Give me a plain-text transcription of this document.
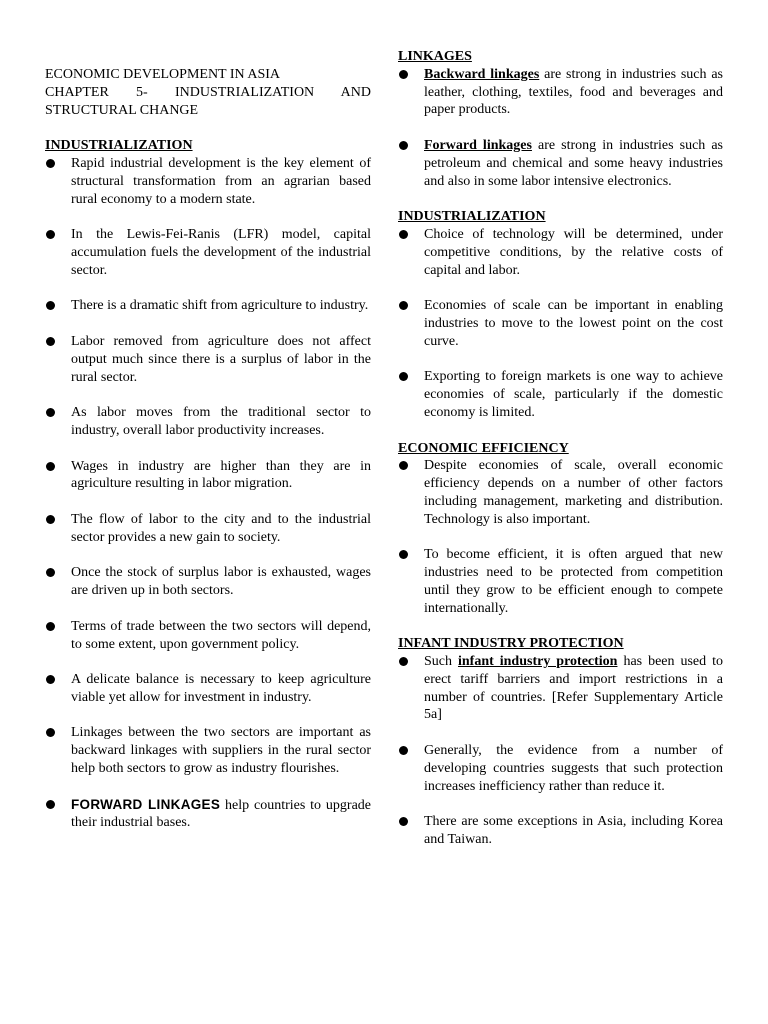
ECONOMIC DEVELOPMENT IN ASIA

CHAPTER 5- INDUSTRIALIZATION AND

STRUCTURAL CHANGE

INDUSTRIALIZATION

Rapid industrial development is the key element of structural transformation from an agrarian based rural economy to a modern state.
In the Lewis-Fei-Ranis (LFR) model, capital accumulation fuels the development of the industrial sector.
There is a dramatic shift from agriculture to industry.
Labor removed from agriculture does not affect output much since there is a surplus of labor in the rural sector.
As labor moves from the traditional sector to industry, overall labor productivity increases.
Wages in industry are higher than they are in agriculture resulting in labor migration.
The flow of labor to the city and to the industrial sector provides a new gain to society.
Once the stock of surplus labor is exhausted, wages are driven up in both sectors.
Terms of trade between the two sectors will depend, to some extent, upon government policy.
A delicate balance is necessary to keep agriculture viable yet allow for investment in industry.
Linkages between the two sectors are important as backward linkages with suppliers in the rural sector help both sectors to grow as industry flourishes.
FORWARD LINKAGES help countries to upgrade their industrial bases.

LINKAGES

Backward linkages are strong in industries such as leather, clothing, textiles, food and beverages and paper products.
Forward linkages are strong in industries such as petroleum and chemical and some heavy industries and also in some labor intensive electronics.

INDUSTRIALIZATION

Choice of technology will be determined, under competitive conditions, by the relative costs of capital and labor.
Economies of scale can be important in enabling industries to move to the lowest point on the cost curve.
Exporting to foreign markets is one way to achieve economies of scale, particularly if the domestic economy is limited.

ECONOMIC EFFICIENCY

Despite economies of scale, overall economic efficiency depends on a number of other factors including management, marketing and distribution. Technology is also important.
To become efficient, it is often argued that new industries need to be protected from competition until they grow to be efficient enough to compete internationally.

INFANT INDUSTRY PROTECTION

Such infant industry protection has been used to erect tariff barriers and import restrictions in a number of countries. [Refer Supplementary Article 5a]
Generally, the evidence from a number of developing countries suggests that such protection increases inefficiency rather than reduce it.
There are some exceptions in Asia, including Korea and Taiwan.
